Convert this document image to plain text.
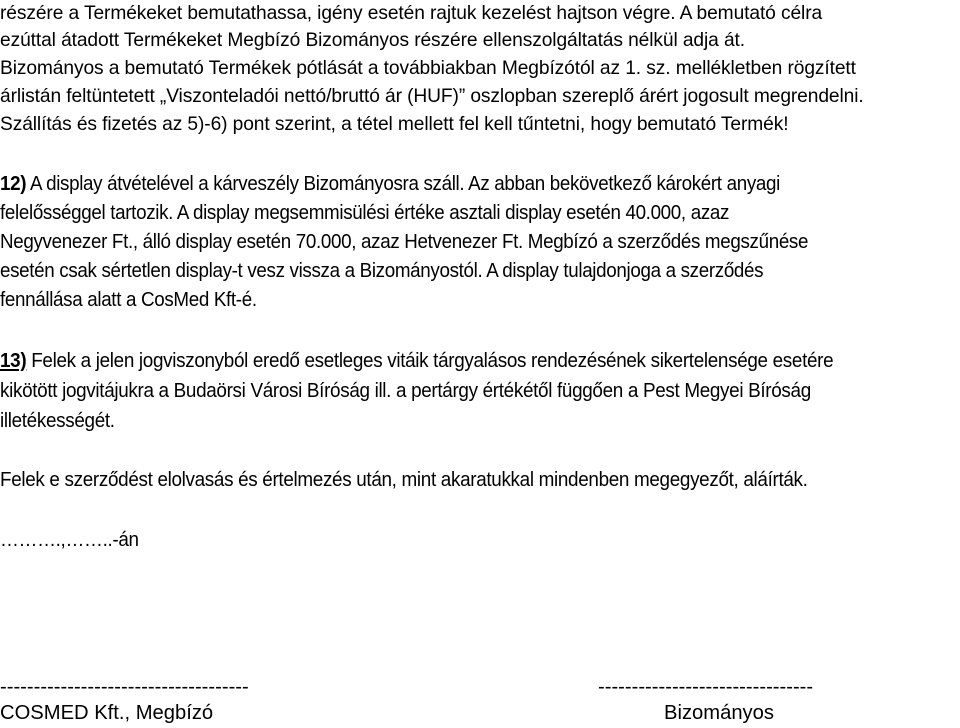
részére a Termékeket bemutathassa, igény esetén rajtuk kezelést hajtson végre. A bemutató célra
ezúttal átadott Termékeket Megbízó Bizományos részére ellenszolgáltatás nélkül adja át.
Bizományos a bemutató Termékek pótlását a továbbiakban Megbízótól az 1. sz. mellékletben rögzített
árlistán feltüntetett „Viszonteladói nettó/bruttó ár (HUF)” oszlopban szereplő árért jogosult megrendelni.
Szállítás és fizetés az 5)-6) pont szerint, a tétel mellett fel kell tűntetni, hogy bemutató Termék!
12) A display átvételével a kárveszély Bizományosra száll. Az abban bekövetkező károkért anyagi
felelősséggel tartozik. A display megsemmisülési értéke asztali display esetén 40.000, azaz
Negyvenezer Ft., álló display esetén 70.000, azaz Hetvenezer Ft. Megbízó a szerződés megszűnése
esetén csak sértetlen display-t vesz vissza a Bizományostól. A display tulajdonjoga a szerződés
fennállása alatt a CosMed Kft-é.
13) Felek a jelen jogviszonyból eredő esetleges vitáik tárgyalásos rendezésének sikertelensége esetére
kikötött jogvitájukra a Budaörsi Városi Bíróság ill. a pertárgy értékétől függően a Pest Megyei Bíróság
illetékességét.
Felek e szerződést elolvasás és értelmezés után, mint akaratukkal mindenben megegyezőt, aláírták.
……….,……..-án
-------------------------------------
COSMED Kft., Megbízó
--------------------------------
Bizományos
